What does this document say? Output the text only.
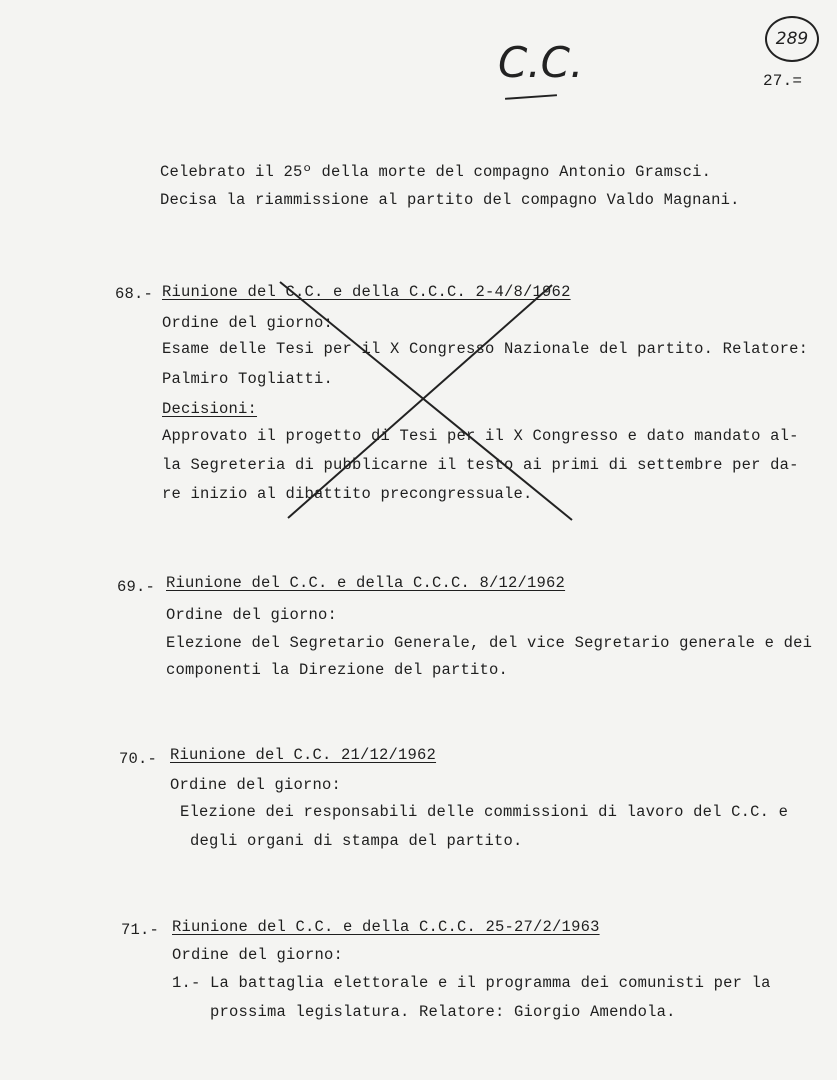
289
C.C.	27.=
Celebrato il 25º della morte del compagno Antonio Gramsci.
Decisa la riammissione al partito del compagno Valdo Magnani.
68.- Riunione del C.C. e della C.C.C. 2-4/8/1962
Ordine del giorno:
Esame delle Tesi per il X Congresso Nazionale del partito. Relatore:
Palmiro Togliatti.
Decisioni:
Approvato il progetto di Tesi per il X Congresso e dato mandato al-
la Segreteria di pubblicarne il testo ai primi di settembre per da-
re inizio al dibattito precongressuale.
69.- Riunione del C.C. e della C.C.C. 8/12/1962
Ordine del giorno:
Elezione del Segretario Generale, del vice Segretario generale e dei
componenti la Direzione del partito.
70.- Riunione del C.C. 21/12/1962
Ordine del giorno:
Elezione dei responsabili delle commissioni di lavoro del C.C. e
degli organi di stampa del partito.
71.- Riunione del C.C. e della C.C.C. 25-27/2/1963
Ordine del giorno:
1.- La battaglia elettorale e il programma dei comunisti per la
prossima legislatura. Relatore: Giorgio Amendola.
